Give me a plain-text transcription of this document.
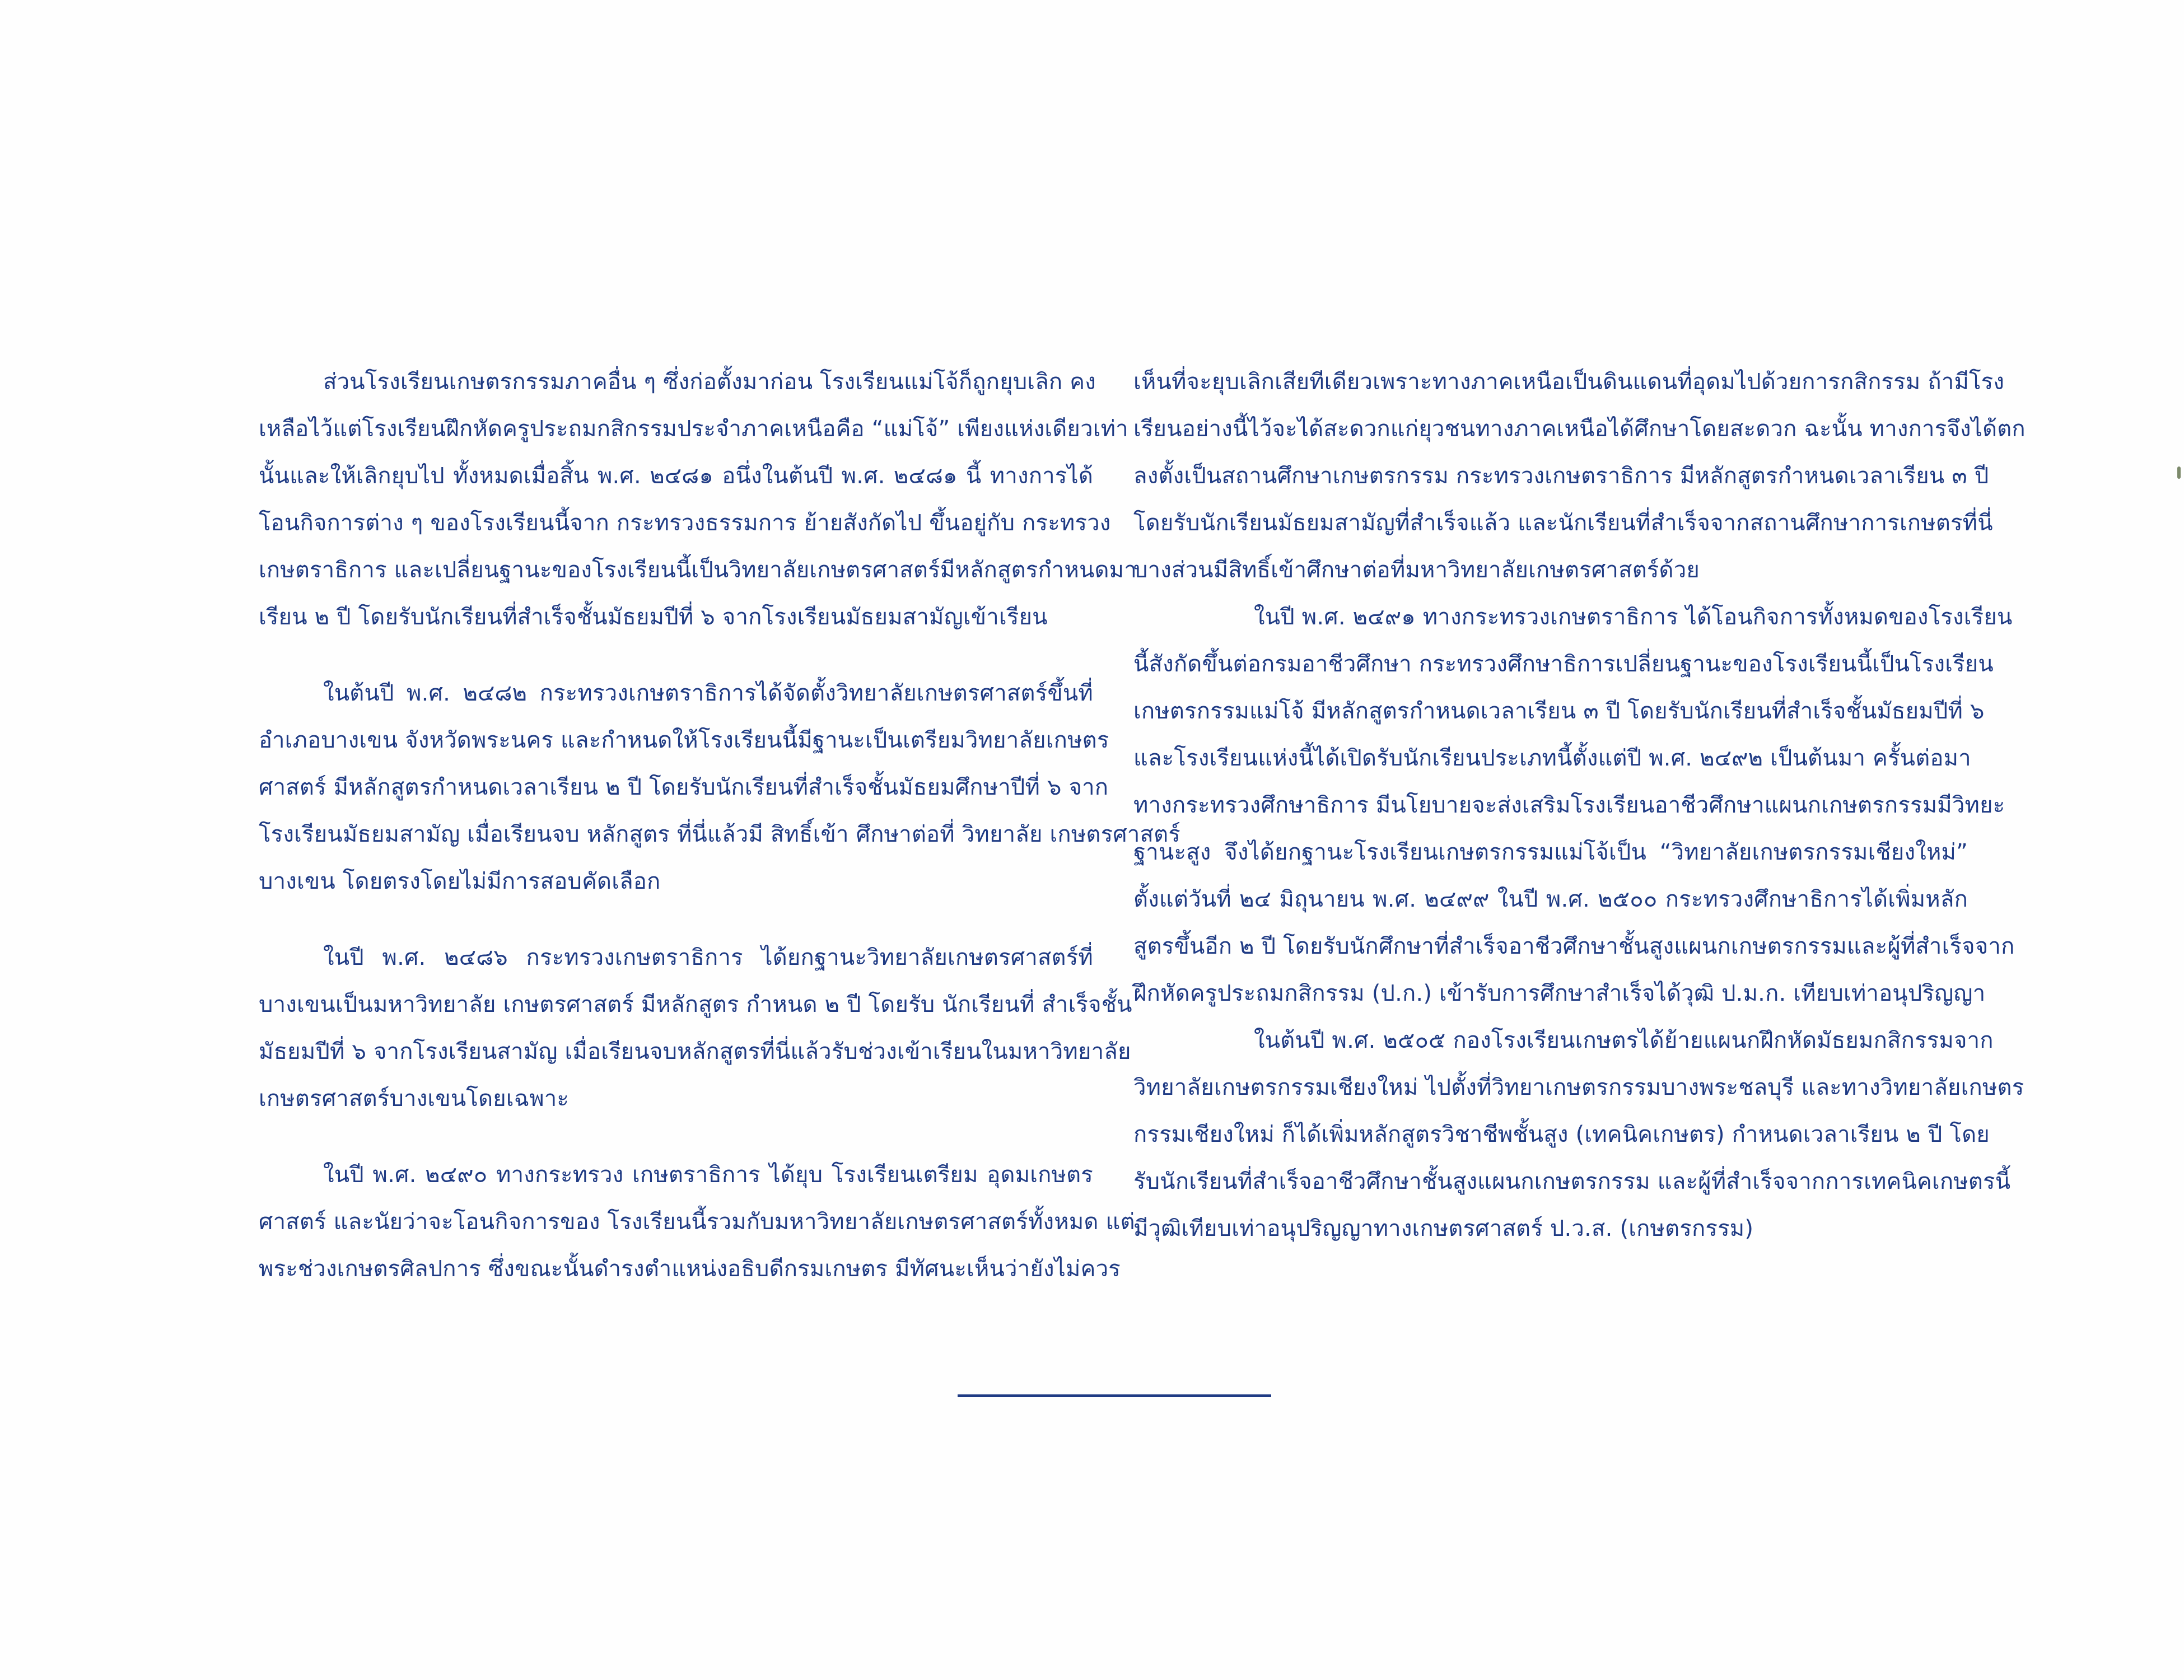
ส่วนโรงเรียนเกษตรกรรมภาคอื่น ๆ ซึ่งก่อตั้งมาก่อน โรงเรียนแม่โจ้ก็ถูกยุบเลิก คง
เหลือไว้แต่โรงเรียนฝึกหัดครูประถมกสิกรรมประจำภาคเหนือคือ “แม่โจ้” เพียงแห่งเดียวเท่า
นั้นและให้เลิกยุบไป ทั้งหมดเมื่อสิ้น พ.ศ. ๒๔๘๑ อนึ่งในต้นปี พ.ศ. ๒๔๘๑ นี้ ทางการได้
โอนกิจการต่าง ๆ ของโรงเรียนนี้จาก กระทรวงธรรมการ ย้ายสังกัดไป ขึ้นอยู่กับ กระทรวง
เกษตราธิการ และเปลี่ยนฐานะของโรงเรียนนี้เป็นวิทยาลัยเกษตรศาสตร์มีหลักสูตรกำหนดมา
เรียน ๒ ปี โดยรับนักเรียนที่สำเร็จชั้นมัธยมปีที่ ๖ จากโรงเรียนมัธยมสามัญเข้าเรียน
ในต้นปี พ.ศ. ๒๔๘๒ กระทรวงเกษตราธิการได้จัดตั้งวิทยาลัยเกษตรศาสตร์ขึ้นที่
อำเภอบางเขน จังหวัดพระนคร และกำหนดให้โรงเรียนนี้มีฐานะเป็นเตรียมวิทยาลัยเกษตร
ศาสตร์ มีหลักสูตรกำหนดเวลาเรียน ๒ ปี โดยรับนักเรียนที่สำเร็จชั้นมัธยมศึกษาปีที่ ๖ จาก
โรงเรียนมัธยมสามัญ เมื่อเรียนจบ หลักสูตร ที่นี่แล้วมี สิทธิ์เข้า ศึกษาต่อที่ วิทยาลัย เกษตรศาสตร์
บางเขน โดยตรงโดยไม่มีการสอบคัดเลือก
ในปี พ.ศ. ๒๔๘๖ กระทรวงเกษตราธิการ ได้ยกฐานะวิทยาลัยเกษตรศาสตร์ที่
บางเขนเป็นมหาวิทยาลัย เกษตรศาสตร์ มีหลักสูตร กำหนด ๒ ปี โดยรับ นักเรียนที่ สำเร็จชั้น
มัธยมปีที่ ๖ จากโรงเรียนสามัญ เมื่อเรียนจบหลักสูตรที่นี่แล้วรับช่วงเข้าเรียนในมหาวิทยาลัย
เกษตรศาสตร์บางเขนโดยเฉพาะ
ในปี พ.ศ. ๒๔๙๐ ทางกระทรวง เกษตราธิการ ได้ยุบ โรงเรียนเตรียม อุดมเกษตร
ศาสตร์ และนัยว่าจะโอนกิจการของ โรงเรียนนี้รวมกับมหาวิทยาลัยเกษตรศาสตร์ทั้งหมด แต่
พระช่วงเกษตรศิลปการ ซึ่งขณะนั้นดำรงตำแหน่งอธิบดีกรมเกษตร มีทัศนะเห็นว่ายังไม่ควร
เห็นที่จะยุบเลิกเสียทีเดียวเพราะทางภาคเหนือเป็นดินแดนที่อุดมไปด้วยการกสิกรรม ถ้ามีโรง
เรียนอย่างนี้ไว้จะได้สะดวกแก่ยุวชนทางภาคเหนือได้ศึกษาโดยสะดวก ฉะนั้น ทางการจึงได้ตก
ลงตั้งเป็นสถานศึกษาเกษตรกรรม กระทรวงเกษตราธิการ มีหลักสูตรกำหนดเวลาเรียน ๓ ปี
โดยรับนักเรียนมัธยมสามัญที่สำเร็จแล้ว และนักเรียนที่สำเร็จจากสถานศึกษาการเกษตรที่นี่
บางส่วนมีสิทธิ์เข้าศึกษาต่อที่มหาวิทยาลัยเกษตรศาสตร์ด้วย
ในปี พ.ศ. ๒๔๙๑ ทางกระทรวงเกษตราธิการ ได้โอนกิจการทั้งหมดของโรงเรียน
นี้สังกัดขึ้นต่อกรมอาชีวศึกษา กระทรวงศึกษาธิการเปลี่ยนฐานะของโรงเรียนนี้เป็นโรงเรียน
เกษตรกรรมแม่โจ้ มีหลักสูตรกำหนดเวลาเรียน ๓ ปี โดยรับนักเรียนที่สำเร็จชั้นมัธยมปีที่ ๖
และโรงเรียนแห่งนี้ได้เปิดรับนักเรียนประเภทนี้ตั้งแต่ปี พ.ศ. ๒๔๙๒ เป็นต้นมา ครั้นต่อมา
ทางกระทรวงศึกษาธิการ มีนโยบายจะส่งเสริมโรงเรียนอาชีวศึกษาแผนกเกษตรกรรมมีวิทยะ
ฐานะสูง จึงได้ยกฐานะโรงเรียนเกษตรกรรมแม่โจ้เป็น “วิทยาลัยเกษตรกรรมเชียงใหม่”
ตั้งแต่วันที่ ๒๔ มิถุนายน พ.ศ. ๒๔๙๙ ในปี พ.ศ. ๒๕๐๐ กระทรวงศึกษาธิการได้เพิ่มหลัก
สูตรขึ้นอีก ๒ ปี โดยรับนักศึกษาที่สำเร็จอาชีวศึกษาชั้นสูงแผนกเกษตรกรรมและผู้ที่สำเร็จจาก
ฝึกหัดครูประถมกสิกรรม (ป.ก.) เข้ารับการศึกษาสำเร็จได้วุฒิ ป.ม.ก. เทียบเท่าอนุปริญญา
ในต้นปี พ.ศ. ๒๕๐๕ กองโรงเรียนเกษตรได้ย้ายแผนกฝึกหัดมัธยมกสิกรรมจาก
วิทยาลัยเกษตรกรรมเชียงใหม่ ไปตั้งที่วิทยาเกษตรกรรมบางพระชลบุรี และทางวิทยาลัยเกษตร
กรรมเชียงใหม่ ก็ได้เพิ่มหลักสูตรวิชาชีพชั้นสูง (เทคนิคเกษตร) กำหนดเวลาเรียน ๒ ปี โดย
รับนักเรียนที่สำเร็จอาชีวศึกษาชั้นสูงแผนกเกษตรกรรม และผู้ที่สำเร็จจากการเทคนิคเกษตรนี้
มีวุฒิเทียบเท่าอนุปริญญาทางเกษตรศาสตร์ ป.ว.ส. (เกษตรกรรม)
